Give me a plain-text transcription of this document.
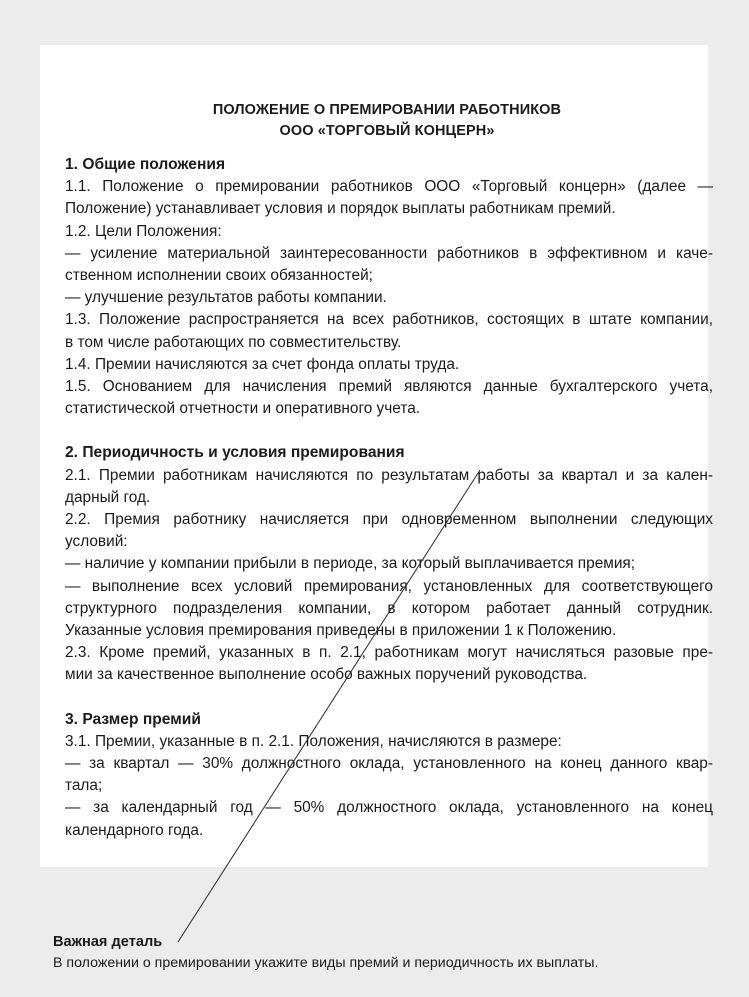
ПОЛОЖЕНИЕ О ПРЕМИРОВАНИИ РАБОТНИКОВ
ООО «ТОРГОВЫЙ КОНЦЕРН»

1. Общие положения

1.1. Положение о премировании работников ООО «Торговый концерн» (далее —

Положение) устанавливает условия и порядок выплаты работникам премий.

1.2. Цели Положения:

— усиление материальной заинтересованности работников в эффективном и каче-

ственном исполнении своих обязанностей;

— улучшение результатов работы компании.

1.3. Положение распространяется на всех работников, состоящих в штате компании,

в том числе работающих по совместительству.

1.4. Премии начисляются за счет фонда оплаты труда.

1.5. Основанием для начисления премий являются данные бухгалтерского учета,

статистической отчетности и оперативного учета.

2. Периодичность и условия премирования

2.1. Премии работникам начисляются по результатам работы за квартал и за кален-

дарный год.

2.2. Премия работнику начисляется при одновременном выполнении следующих

условий:

— наличие у компании прибыли в периоде, за который выплачивается премия;

— выполнение всех условий премирования, установленных для соответствующего

структурного подразделения компании, в котором работает данный сотрудник.

Указанные условия премирования приведены в приложении 1 к Положению.

2.3. Кроме премий, указанных в п. 2.1, работникам могут начисляться разовые пре-

мии за качественное выполнение особо важных поручений руководства.

3. Размер премий

3.1. Премии, указанные в п. 2.1. Положения, начисляются в размере:

— за квартал — 30% должностного оклада, установленного на конец данного квар-

тала;

— за календарный год — 50% должностного оклада, установленного на конец

календарного года.

Важная деталь
В положении о премировании укажите виды премий и периодичность их выплаты.
